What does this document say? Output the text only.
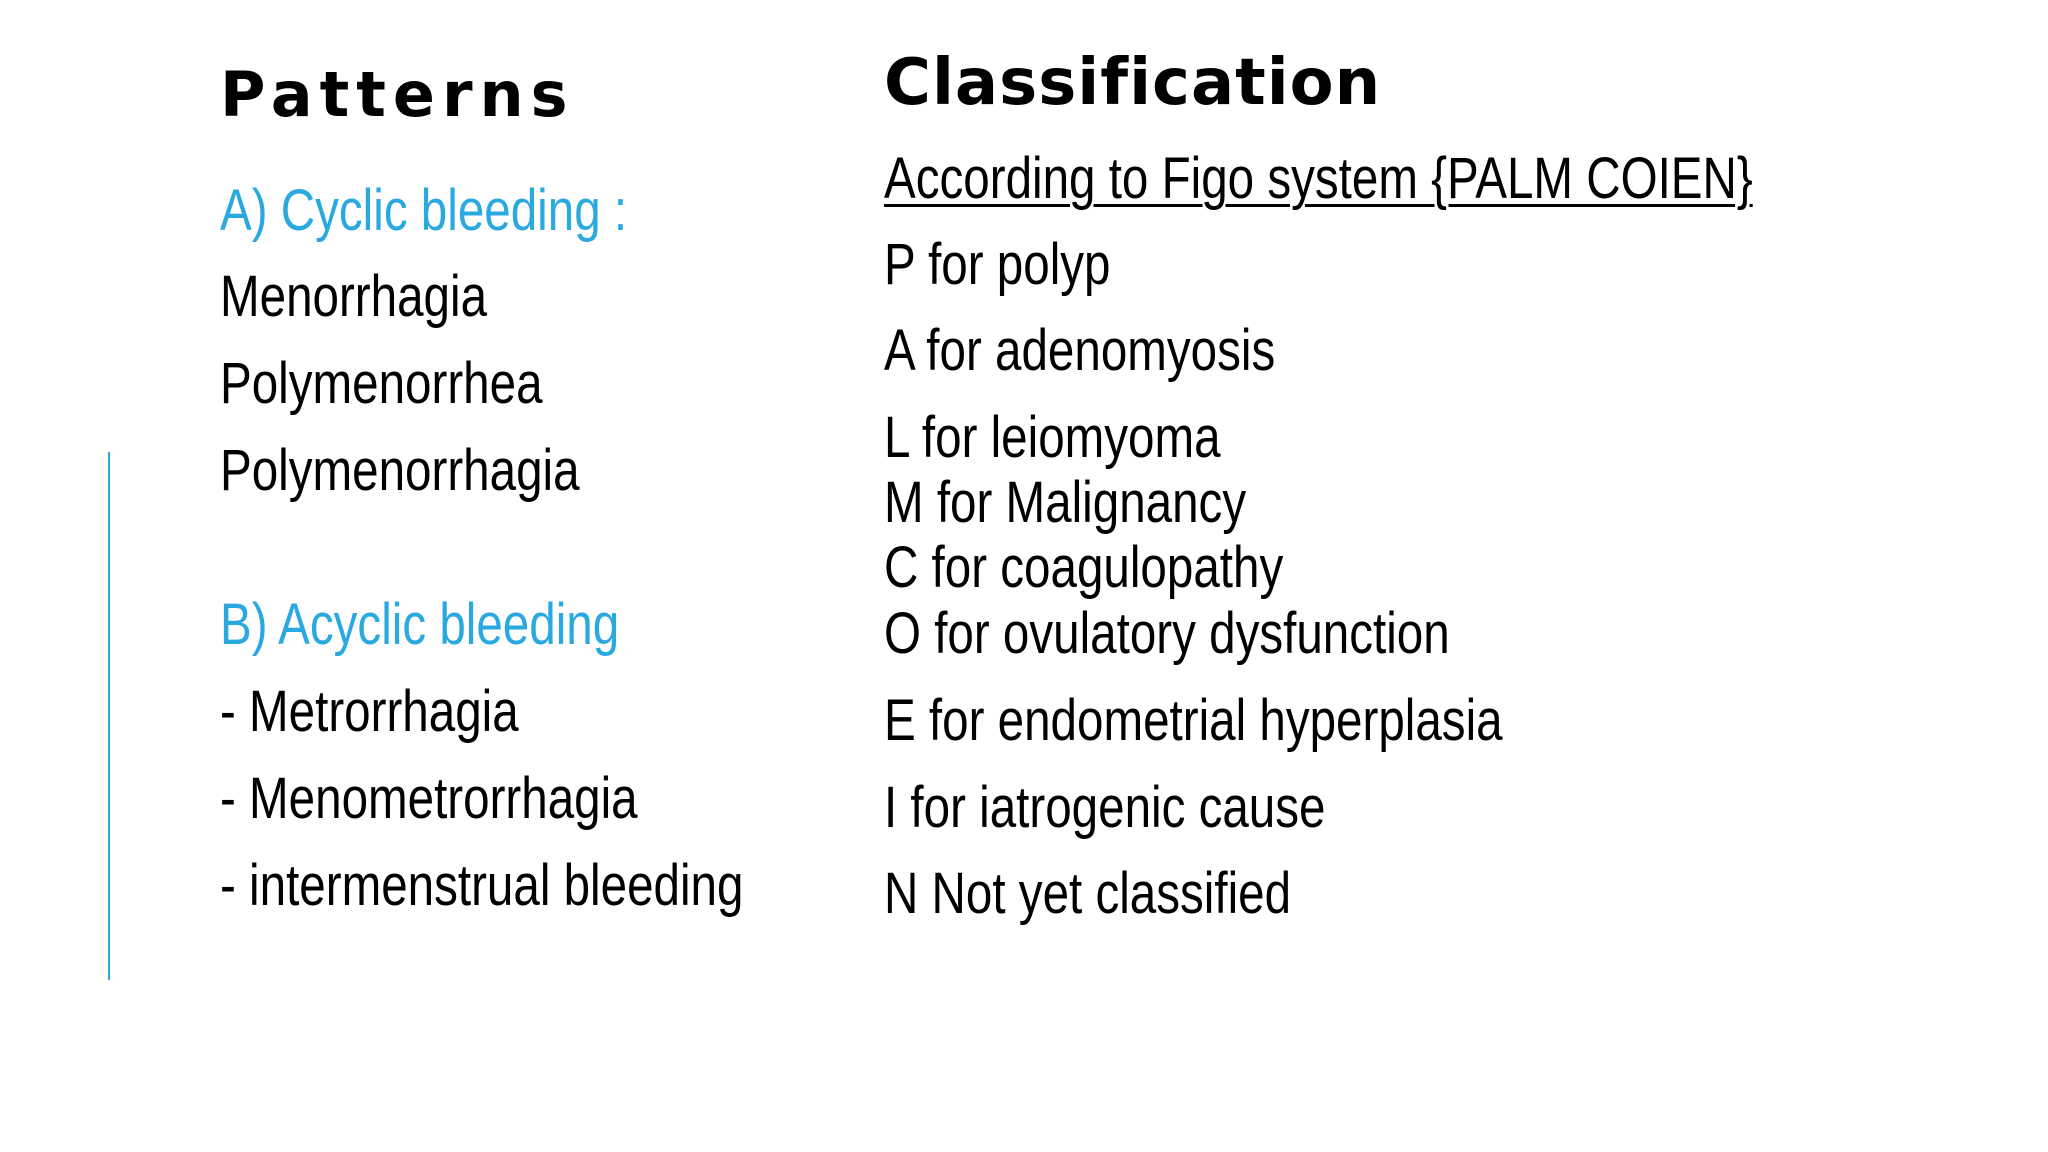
Patterns
A) Cyclic bleeding :
Menorrhagia
Polymenorrhea
Polymenorrhagia
B) Acyclic bleeding
- Metrorrhagia
- Menometrorrhagia
- intermenstrual bleeding
Classification
According to Figo system {PALM COIEN}
P for polyp
A for adenomyosis
L for leiomyoma
M for Malignancy
C for coagulopathy
O for ovulatory dysfunction
E for endometrial hyperplasia
I for iatrogenic cause
N Not yet classified
